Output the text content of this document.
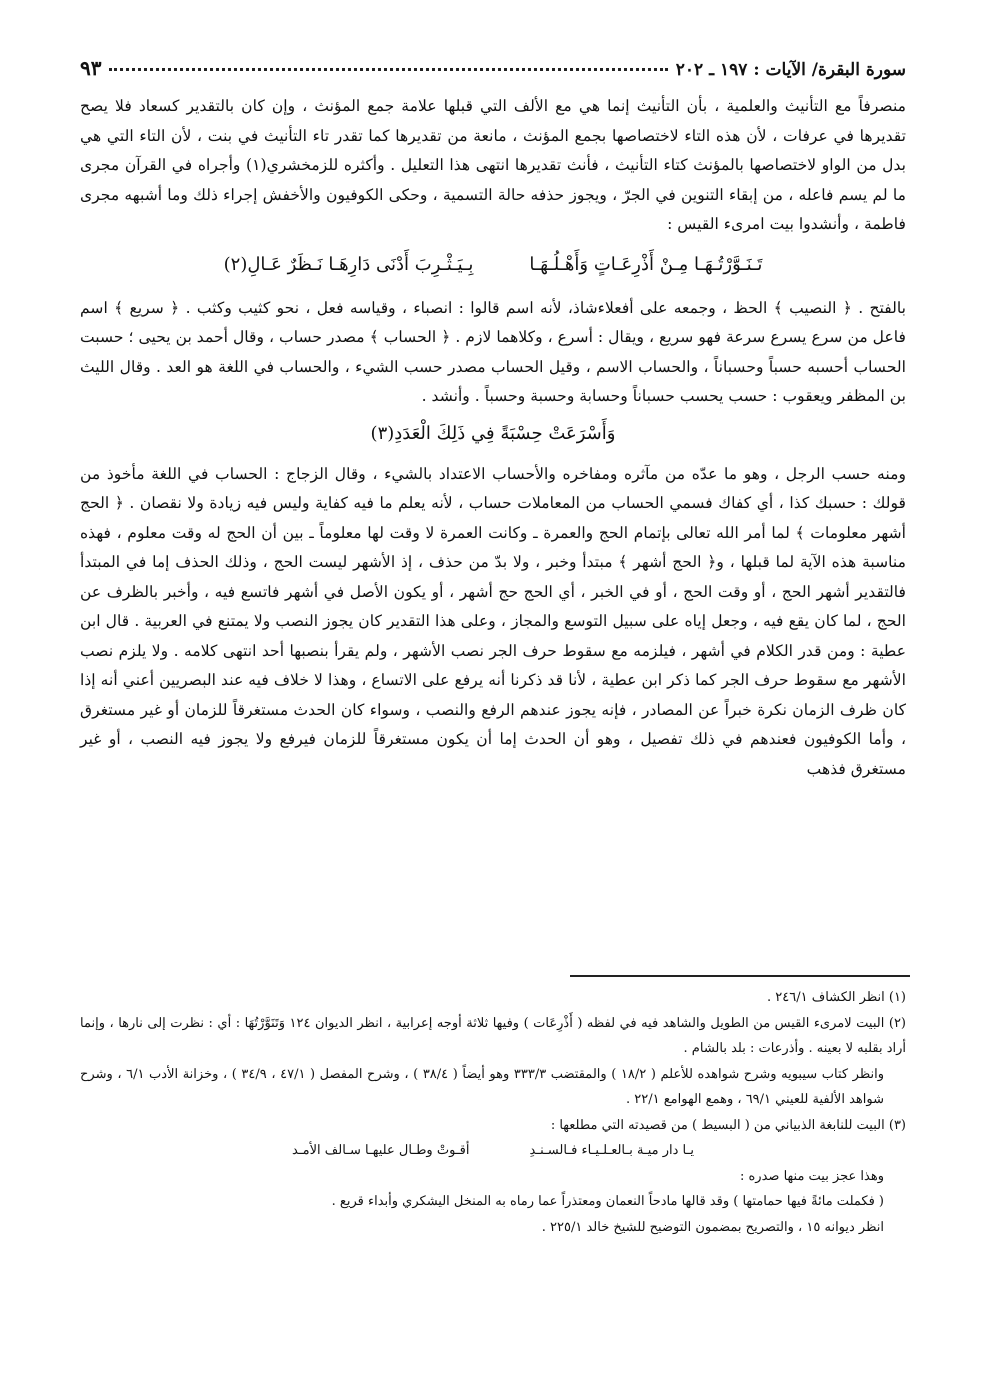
سورة البقرة/ الآيات : ١٩٧ ـ ٢٠٢
٩٣

منصرفاً مع التأنيث والعلمية ، بأن التأنيث إنما هي مع الألف التي قبلها علامة جمع المؤنث ، وإن كان بالتقدير كسعاد فلا يصح تقديرها في عرفات ، لأن هذه التاء لاختصاصها بجمع المؤنث ، مانعة من تقديرها كما تقدر تاء التأنيث في بنت ، لأن التاء التي هي بدل من الواو لاختصاصها بالمؤنث كتاء التأنيث ، فأنث تقديرها انتهى هذا التعليل . وأكثره للزمخشري(١) وأجراه في القرآن مجرى ما لم يسم فاعله ، من إبقاء التنوين في الجرّ ، ويجوز حذفه حالة التسمية ، وحكى الكوفيون والأخفش إجراء ذلك وما أشبهه مجرى فاطمة ، وأنشدوا بيت امرىء القيس :

تَـنَـوَّرْتُـهَـا مِـنْ أَذْرِعَـاتٍ وَأَهْـلُـهَـابِـيَـثْـرِبَ أَدْنَى دَارِهَـا نَـظَرٌ عَـالِ(٢)

بالفتح . ﴿ النصيب ﴾ الحظ ، وجمعه على أفعلاءشاذ، لأنه اسم قالوا : انصباء ، وقياسه فعل ، نحو كثيب وكثب . ﴿ سريع ﴾ اسم فاعل من سرع يسرع سرعة فهو سريع ، ويقال : أسرع ، وكلاهما لازم . ﴿ الحساب ﴾ مصدر حساب ، وقال أحمد بن يحيى ؛ حسبت الحساب أحسبه حسباً وحسباناً ، والحساب الاسم ، وقيل الحساب مصدر حسب الشيء ، والحساب في اللغة هو العد . وقال الليث بن المظفر ويعقوب : حسب يحسب حسباناً وحسابة وحسبة وحسباً . وأنشد .

وَأَسْرَعَتْ حِسْبَةً فِي ذَلِكَ الْعَدَدِ(٣)

ومنه حسب الرجل ، وهو ما عدّه من مآثره ومفاخره والأحساب الاعتداد بالشيء ، وقال الزجاج : الحساب في اللغة مأخوذ من قولك : حسبك كذا ، أي كفاك فسمي الحساب من المعاملات حساب ، لأنه يعلم ما فيه كفاية وليس فيه زيادة ولا نقصان . ﴿ الحج أشهر معلومات ﴾ لما أمر الله تعالى بإتمام الحج والعمرة ـ وكانت العمرة لا وقت لها معلوماً ـ بين أن الحج له وقت معلوم ، فهذه مناسبة هذه الآية لما قبلها ، و﴿ الحج أشهر ﴾ مبتدأ وخبر ، ولا بدّ من حذف ، إذ الأشهر ليست الحج ، وذلك الحذف إما في المبتدأ فالتقدير أشهر الحج ، أو وقت الحج ، أو في الخبر ، أي الحج حج أشهر ، أو يكون الأصل في أشهر فاتسع فيه ، وأخبر بالظرف عن الحج ، لما كان يقع فيه ، وجعل إياه على سبيل التوسع والمجاز ، وعلى هذا التقدير كان يجوز النصب ولا يمتنع في العربية . قال ابن عطية : ومن قدر الكلام في أشهر ، فيلزمه مع سقوط حرف الجر نصب الأشهر ، ولم يقرأ بنصبها أحد انتهى كلامه . ولا يلزم نصب الأشهر مع سقوط حرف الجر كما ذكر ابن عطية ، لأنا قد ذكرنا أنه يرفع على الاتساع ، وهذا لا خلاف فيه عند البصريين أعني أنه إذا كان ظرف الزمان نكرة خبراً عن المصادر ، فإنه يجوز عندهم الرفع والنصب ، وسواء كان الحدث مستغرقاً للزمان أو غير مستغرق ، وأما الكوفيون فعندهم في ذلك تفصيل ، وهو أن الحدث إما أن يكون مستغرقاً للزمان فيرفع ولا يجوز فيه النصب ، أو غير مستغرق فذهب

(١) انظر الكشاف ٢٤٦/١ .

(٢) البيت لامرىء القيس من الطويل والشاهد فيه في لفظه ( أَذْرِعَات ) وفيها ثلاثة أوجه إعرابية ، انظر الديوان ١٢٤ وَتَنَوَّرْتُهَا : أي : نظرت إلى نارها ، وإنما أراد بقلبه لا بعينه . وأذرعات : بلد بالشام .

وانظر كتاب سيبويه وشرح شواهده للأعلم ( ١٨/٢ ) والمقتضب ٣٣٣/٣ وهو أيضاً ( ٣٨/٤ ) ، وشرح المفصل ( ٤٧/١ ، ٣٤/٩ ) ، وخزانة الأدب ٦/١ ، وشرح شواهد الألفية للعيني ٦٩/١ ، وهمع الهوامع ٢٢/١ .

(٣) البيت للنابغة الذبياني من ( البسيط ) من قصيدته التي مطلعها :

يـا دار ميـة بـالعـلـيـاء فـالسـنـدِأقـوتْ وطـال عليهـا سـالف الأمـد

وهذا عجز بيت منها صدره :

( فكملت مائةً فيها حمامتها ) وقد قالها مادحاً النعمان ومعتذراً عما رماه به المنخل اليشكري وأبداء قريع .

انظر ديوانه ١٥ ، والتصريح بمضمون التوضيح للشيخ خالد ٢٢٥/١ .
